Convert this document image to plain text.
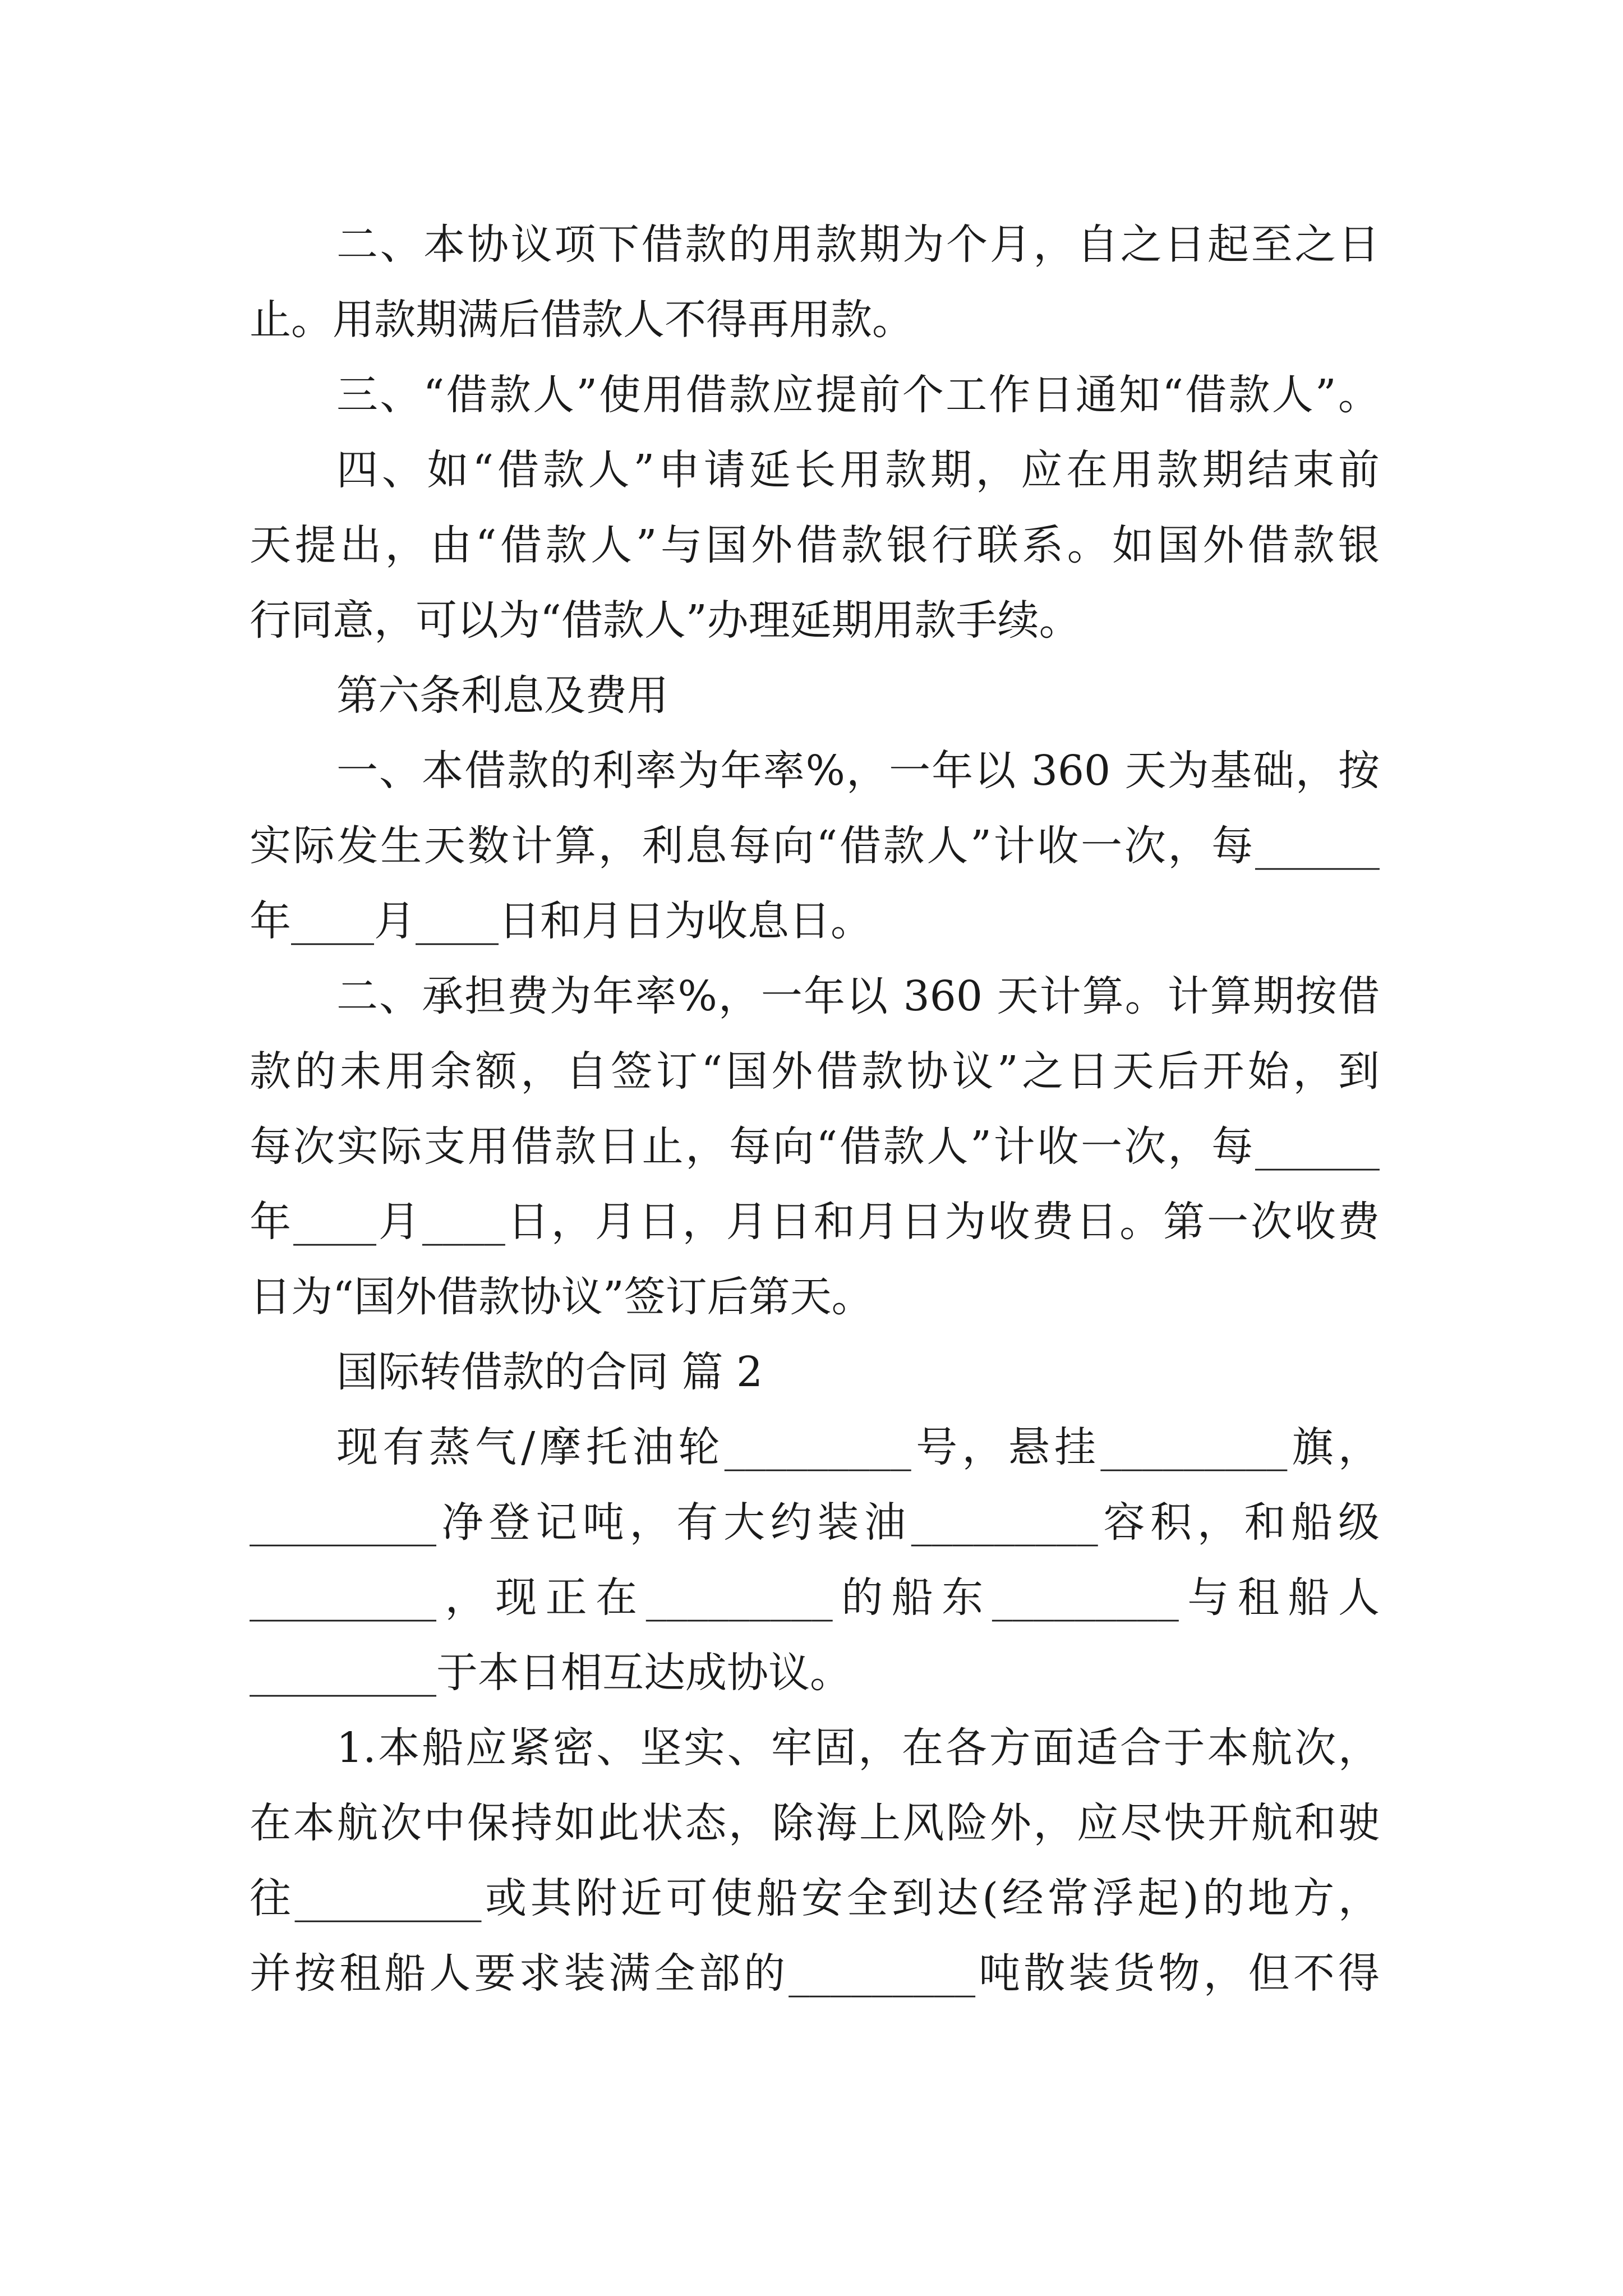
二、本协议项下借款的用款期为个月，自之日起至之日

止。用款期满后借款人不得再用款。

三、“借款人”使用借款应提前个工作日通知“借款人”。

四、如“借款人”申请延长用款期，应在用款期结束前

天提出，由“借款人”与国外借款银行联系。如国外借款银

行同意，可以为“借款人”办理延期用款手续。

第六条利息及费用

一、本借款的利率为年率%，一年以 360 天为基础，按

实际发生天数计算，利息每向“借款人”计收一次，每______

年____月____日和月日为收息日。

二、承担费为年率%，一年以 360 天计算。计算期按借

款的未用余额，自签订“国外借款协议”之日天后开始，到

每次实际支用借款日止，每向“借款人”计收一次，每______

年____月____日，月日，月日和月日为收费日。第一次收费

日为“国外借款协议”签订后第天。

国际转借款的合同 篇 2

现有蒸气/摩托油轮_________号，悬挂_________旗，

_________净登记吨，有大约装油_________容积，和船级

_________，现正在_________的船东_________与租船人

_________于本日相互达成协议。

1.本船应紧密、坚实、牢固，在各方面适合于本航次，

在本航次中保持如此状态，除海上风险外，应尽快开航和驶

往_________或其附近可使船安全到达(经常浮起)的地方，

并按租船人要求装满全部的_________吨散装货物，但不得
